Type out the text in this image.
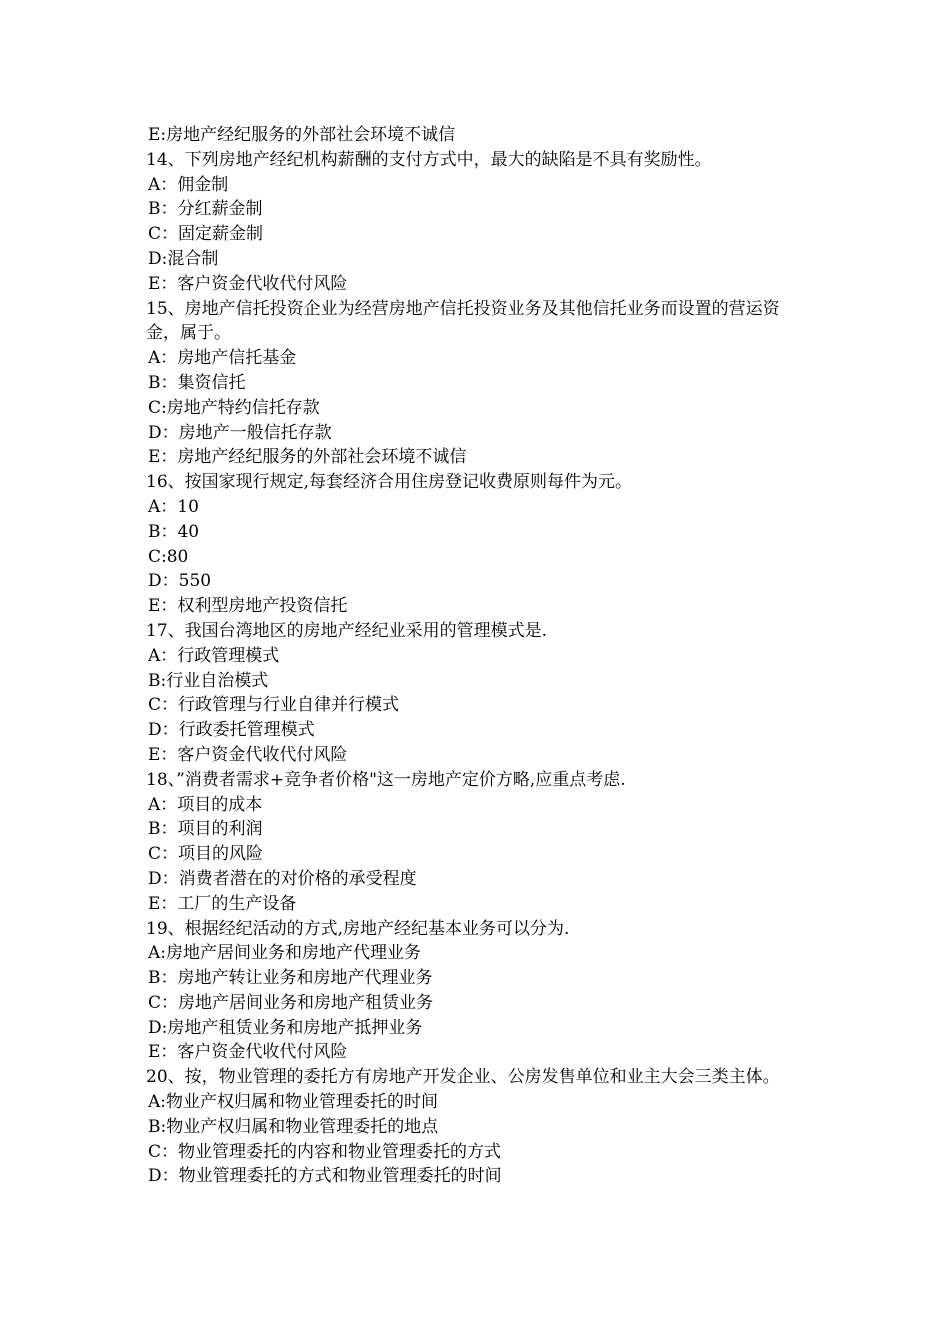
E:房地产经纪服务的外部社会环境不诚信
14、下列房地产经纪机构薪酬的支付方式中，最大的缺陷是不具有奖励性。
A：佣金制
B：分红薪金制
C：固定薪金制
D:混合制
E：客户资金代收代付风险
15、房地产信托投资企业为经营房地产信托投资业务及其他信托业务而设置的营运资金，属于。
A：房地产信托基金
B：集资信托
C:房地产特约信托存款
D：房地产一般信托存款
E：房地产经纪服务的外部社会环境不诚信
16、按国家现行规定,每套经济合用住房登记收费原则每件为元。
A：10
B：40
C:80
D：550
E：权利型房地产投资信托
17、我国台湾地区的房地产经纪业采用的管理模式是.
A：行政管理模式
B:行业自治模式
C：行政管理与行业自律并行模式
D：行政委托管理模式
E：客户资金代收代付风险
18、”消费者需求+竞争者价格"这一房地产定价方略,应重点考虑.
A：项目的成本
B：项目的利润
C：项目的风险
D：消费者潜在的对价格的承受程度
E：工厂的生产设备
19、根据经纪活动的方式,房地产经纪基本业务可以分为.
A:房地产居间业务和房地产代理业务
B：房地产转让业务和房地产代理业务
C：房地产居间业务和房地产租赁业务
D:房地产租赁业务和房地产抵押业务
E：客户资金代收代付风险
20、按，物业管理的委托方有房地产开发企业、公房发售单位和业主大会三类主体。
A:物业产权归属和物业管理委托的时间
B:物业产权归属和物业管理委托的地点
C：物业管理委托的内容和物业管理委托的方式
D：物业管理委托的方式和物业管理委托的时间
